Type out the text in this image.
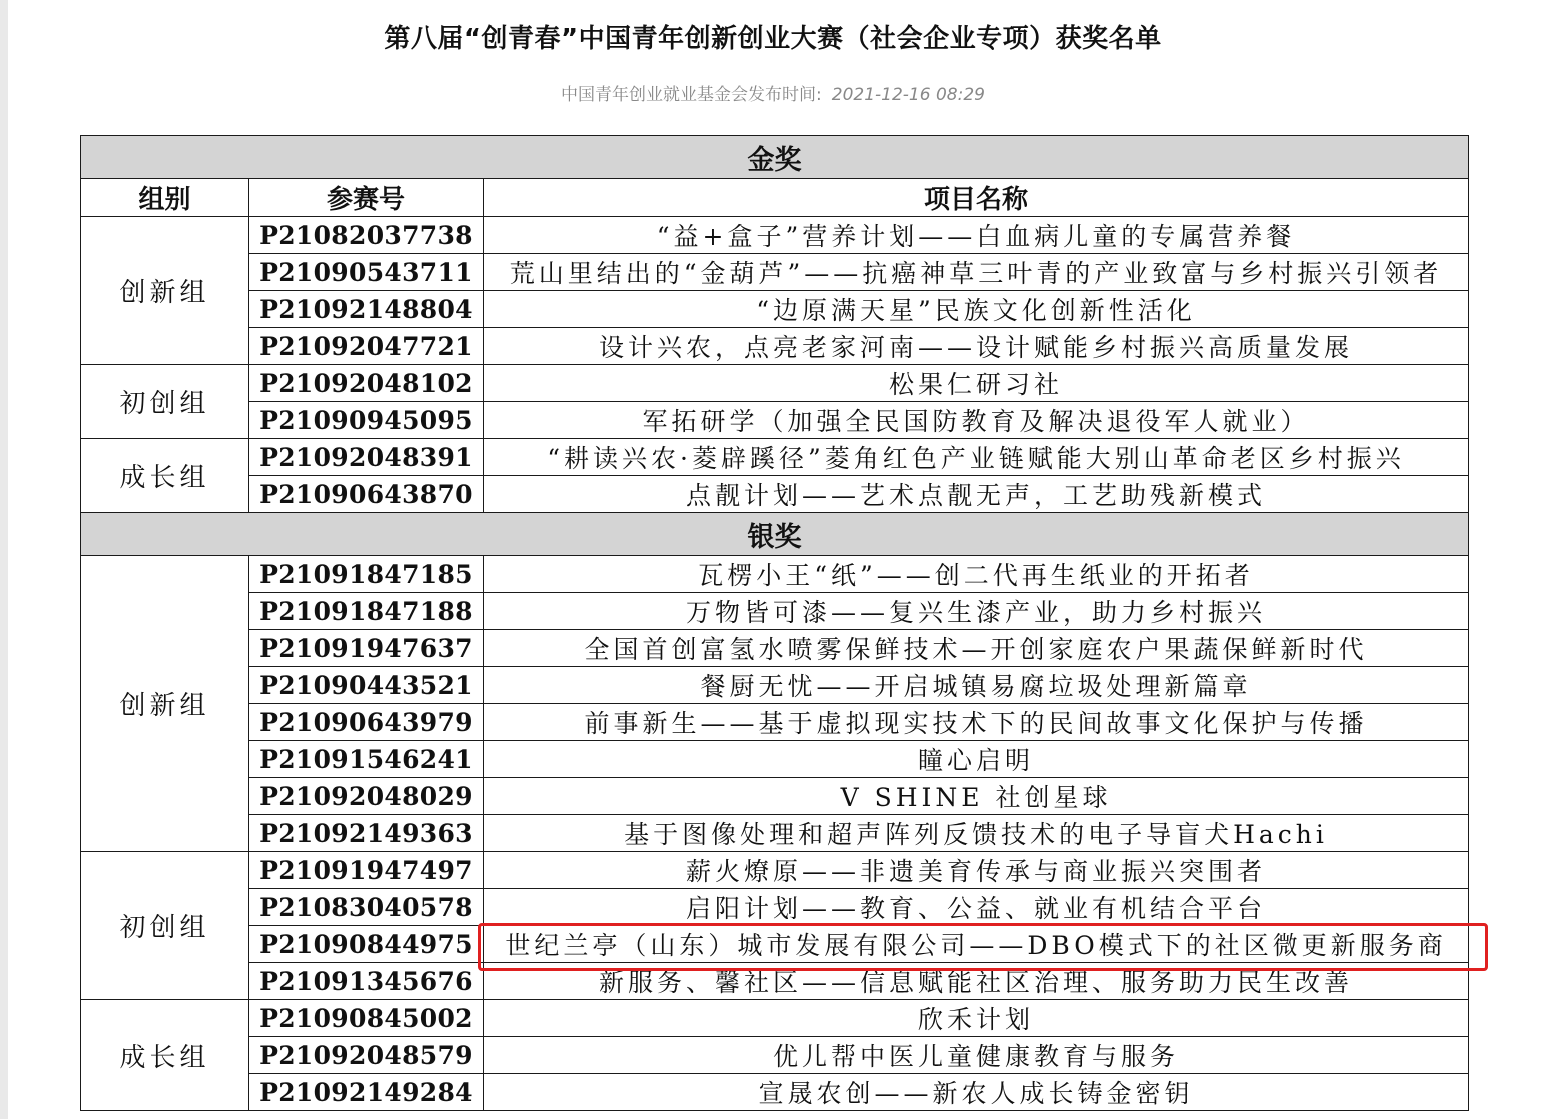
第八届“创青春”中国青年创新创业大赛（社会企业专项）获奖名单
中国青年创业就业基金会发布时间: 2021-12-16 08:29
金奖		
组别	参赛号	项目名称
创新组	P21082037738	“益+盒子”营养计划——白血病儿童的专属营养餐
	P21090543711	荒山里结出的“金葫芦”——抗癌神草三叶青的产业致富与乡村振兴引领者
	P21092148804	“边原满天星”民族文化创新性活化
	P21092047721	设计兴农，点亮老家河南——设计赋能乡村振兴高质量发展
初创组	P21092048102	松果仁研习社
	P21090945095	军拓研学（加强全民国防教育及解决退役军人就业）
成长组	P21092048391	“耕读兴农·菱辟蹊径”菱角红色产业链赋能大别山革命老区乡村振兴
	P21090643870	点靓计划——艺术点靓无声，工艺助残新模式
银奖		
创新组	P21091847185	瓦楞小王“纸”——创二代再生纸业的开拓者
	P21091847188	万物皆可漆——复兴生漆产业，助力乡村振兴
	P21091947637	全国首创富氢水喷雾保鲜技术—开创家庭农户果蔬保鲜新时代
	P21090443521	餐厨无忧——开启城镇易腐垃圾处理新篇章
	P21090643979	前事新生——基于虚拟现实技术下的民间故事文化保护与传播
	P21091546241	瞳心启明
	P21092048029	V SHINE 社创星球
	P21092149363	基于图像处理和超声阵列反馈技术的电子导盲犬Hachi
初创组	P21091947497	薪火燎原——非遗美育传承与商业振兴突围者
	P21083040578	启阳计划——教育、公益、就业有机结合平台
	P21090844975	世纪兰亭（山东）城市发展有限公司——DBO模式下的社区微更新服务商
	P21091345676	新服务、馨社区——信息赋能社区治理、服务助力民生改善
成长组	P21090845002	欣禾计划
	P21092048579	优儿帮中医儿童健康教育与服务
	P21092149284	宣晟农创——新农人成长铸金密钥
